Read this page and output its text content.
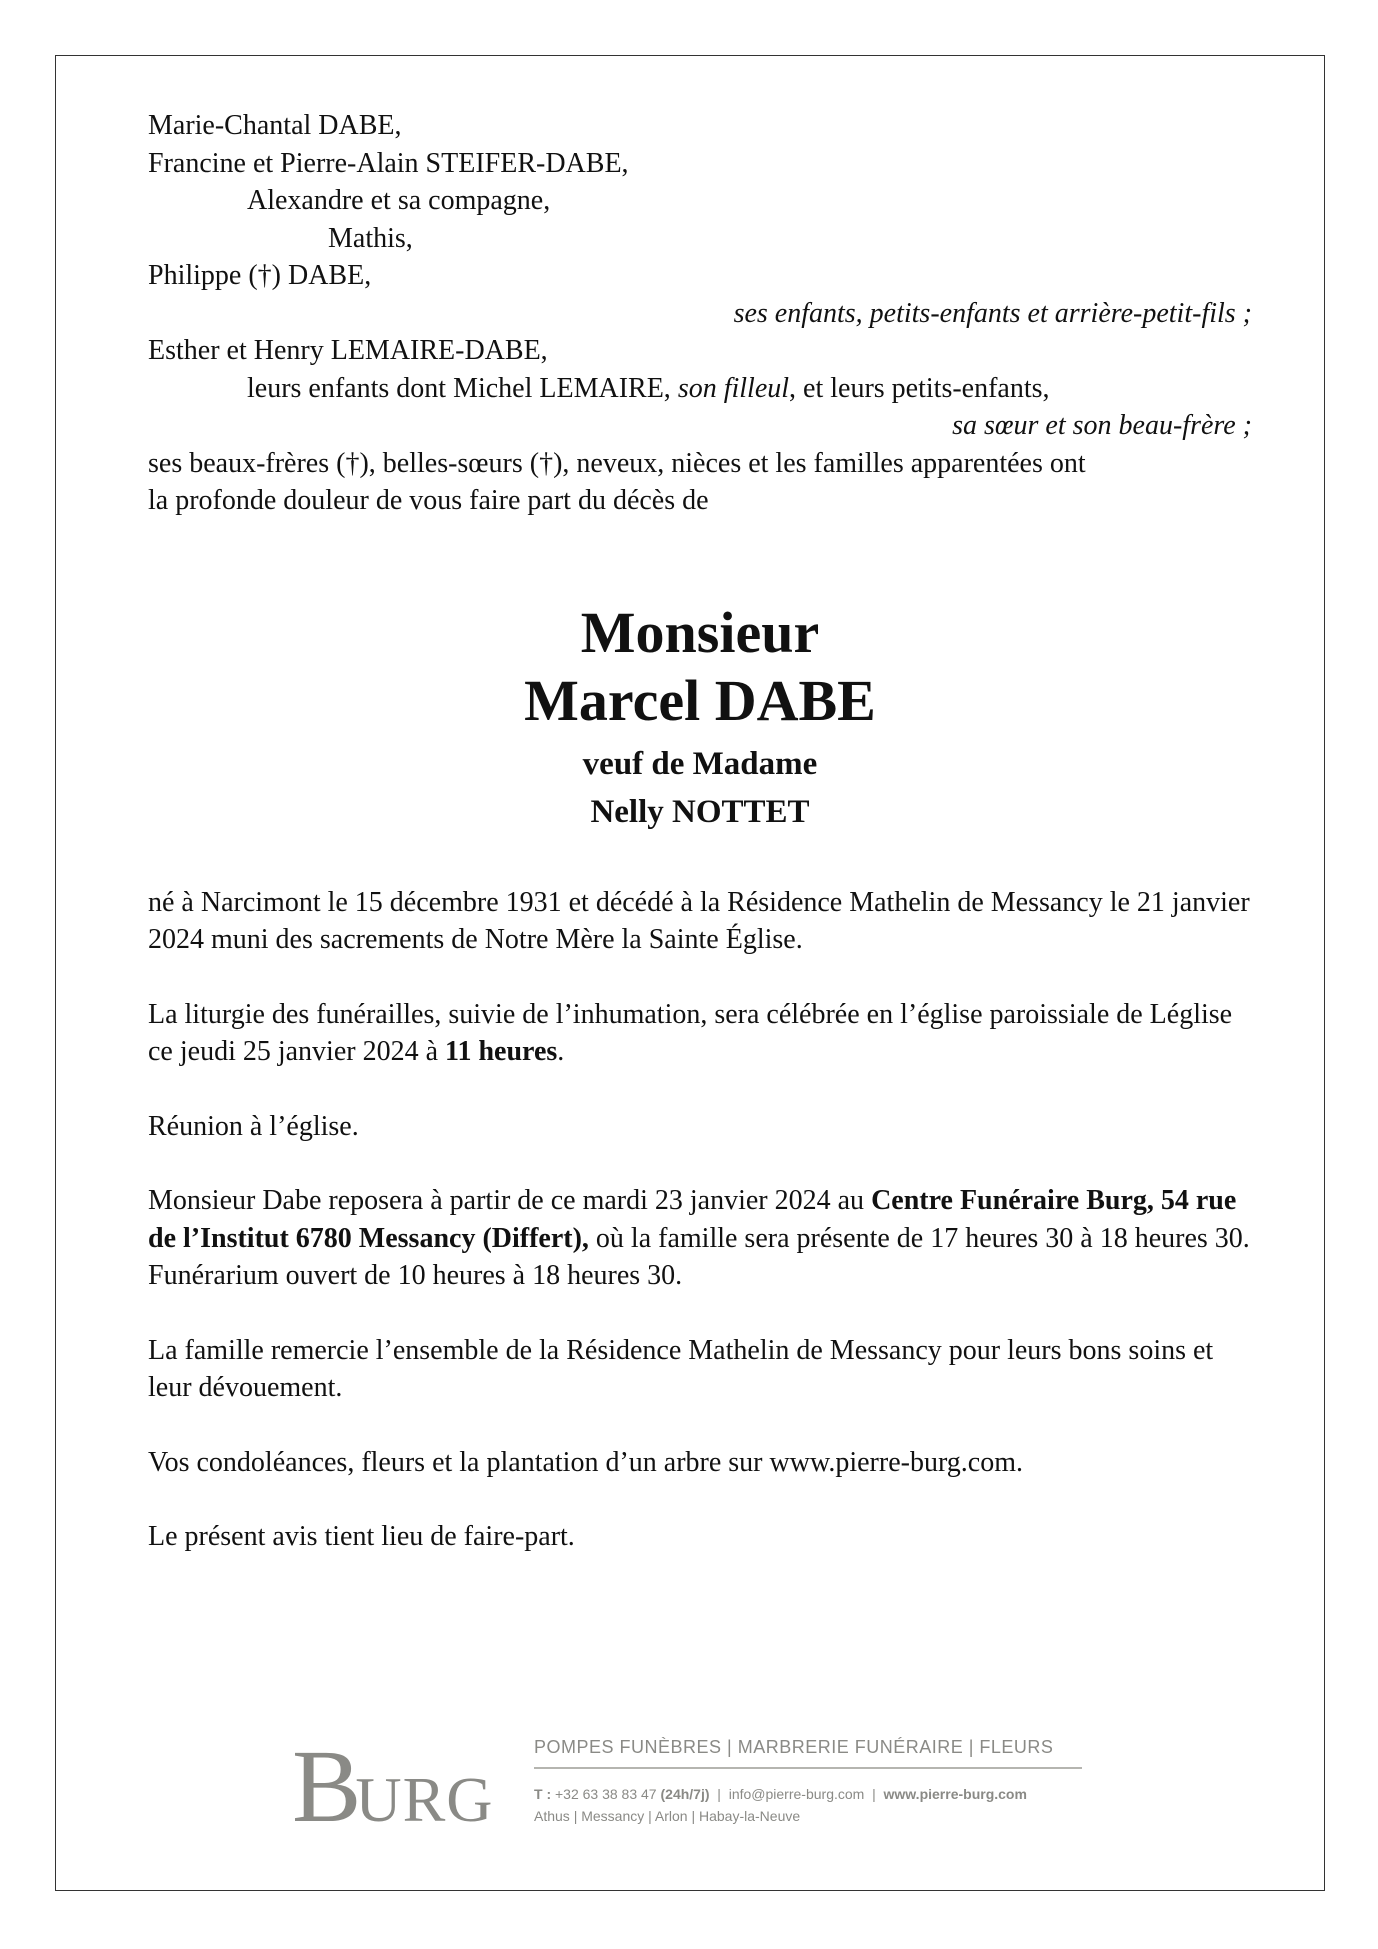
Marie-Chantal DABE,
Francine et Pierre-Alain STEIFER-DABE,
Alexandre et sa compagne,
Mathis,
Philippe (†) DABE,
ses enfants, petits-enfants et arrière-petit-fils ;
Esther et Henry LEMAIRE-DABE,
leurs enfants dont Michel LEMAIRE, son filleul, et leurs petits-enfants,
sa sœur et son beau-frère ;
ses beaux-frères (†), belles-sœurs (†), neveux, nièces et les familles apparentées ont
la profonde douleur de vous faire part du décès de
Monsieur
Marcel DABE
veuf de Madame
Nelly NOTTET

né à Narcimont le 15 décembre 1931 et décédé à la Résidence Mathelin de Messancy le 21 janvier 2024 muni des sacrements de Notre Mère la Sainte Église.

La liturgie des funérailles, suivie de l’inhumation, sera célébrée en l’église paroissiale de Léglise ce jeudi 25 janvier 2024 à 11 heures.

Réunion à l’église.

Monsieur Dabe reposera à partir de ce mardi 23 janvier 2024 au Centre Funéraire Burg, 54 rue de l’Institut 6780 Messancy (Differt), où la famille sera présente de 17 heures 30 à 18 heures 30. Funérarium ouvert de 10 heures à 18 heures 30.

La famille remercie l’ensemble de la Résidence Mathelin de Messancy pour leurs bons soins et leur dévouement.

Vos condoléances, fleurs et la plantation d’un arbre sur www.pierre-burg.com.

Le présent avis tient lieu de faire-part.

BURG
POMPES FUNÈBRES | MARBRERIE FUNÉRAIRE | FLEURS
T : +32 63 38 83 47 (24h/7j)  |  info@pierre-burg.com  |  www.pierre-burg.com
Athus | Messancy | Arlon | Habay-la-Neuve
